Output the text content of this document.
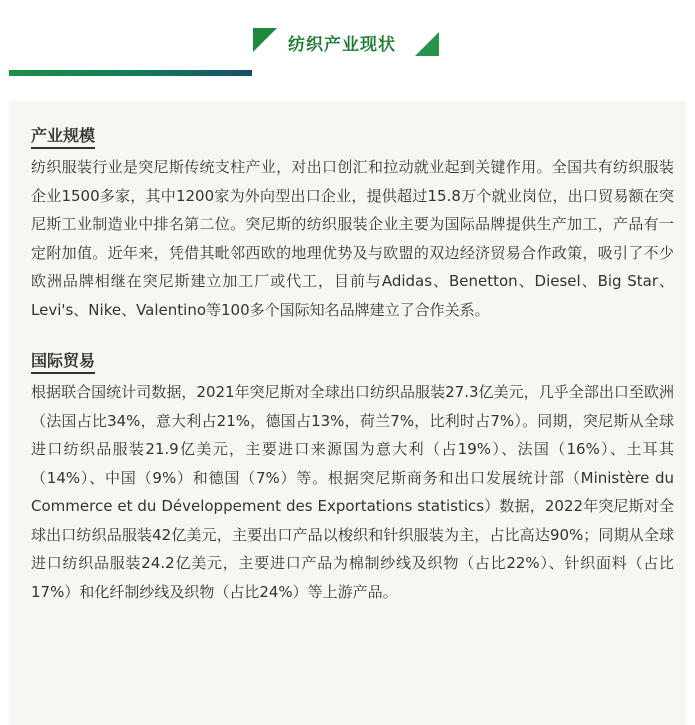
纺织产业现状
产业规模

纺织服装行业是突尼斯传统支柱产业，对出口创汇和拉动就业起到关键作用。全国共有纺织服装企业1500多家，其中1200家为外向型出口企业，提供超过15.8万个就业岗位，出口贸易额在突尼斯工业制造业中排名第二位。突尼斯的纺织服装企业主要为国际品牌提供生产加工，产品有一定附加值。近年来，凭借其毗邻西欧的地理优势及与欧盟的双边经济贸易合作政策，吸引了不少欧洲品牌相继在突尼斯建立加工厂或代工，目前与Adidas、Benetton、Diesel、Big Star、Levi's、Nike、Valentino等100多个国际知名品牌建立了合作关系。

国际贸易

根据联合国统计司数据，2021年突尼斯对全球出口纺织品服装27.3亿美元，几乎全部出口至欧洲（法国占比34%，意大利占21%，德国占13%，荷兰7%，比利时占7%）。同期，突尼斯从全球进口纺织品服装21.9亿美元，主要进口来源国为意大利（占19%）、法国（16%）、土耳其（14%）、中国（9%）和德国（7%）等。根据突尼斯商务和出口发展统计部（Ministère du Commerce et du Développement des Exportations statistics）数据，2022年突尼斯对全球出口纺织品服装42亿美元，主要出口产品以梭织和针织服装为主，占比高达90%；同期从全球进口纺织品服装24.2亿美元，主要进口产品为棉制纱线及织物（占比22%）、针织面料（占比17%）和化纤制纱线及织物（占比24%）等上游产品。
